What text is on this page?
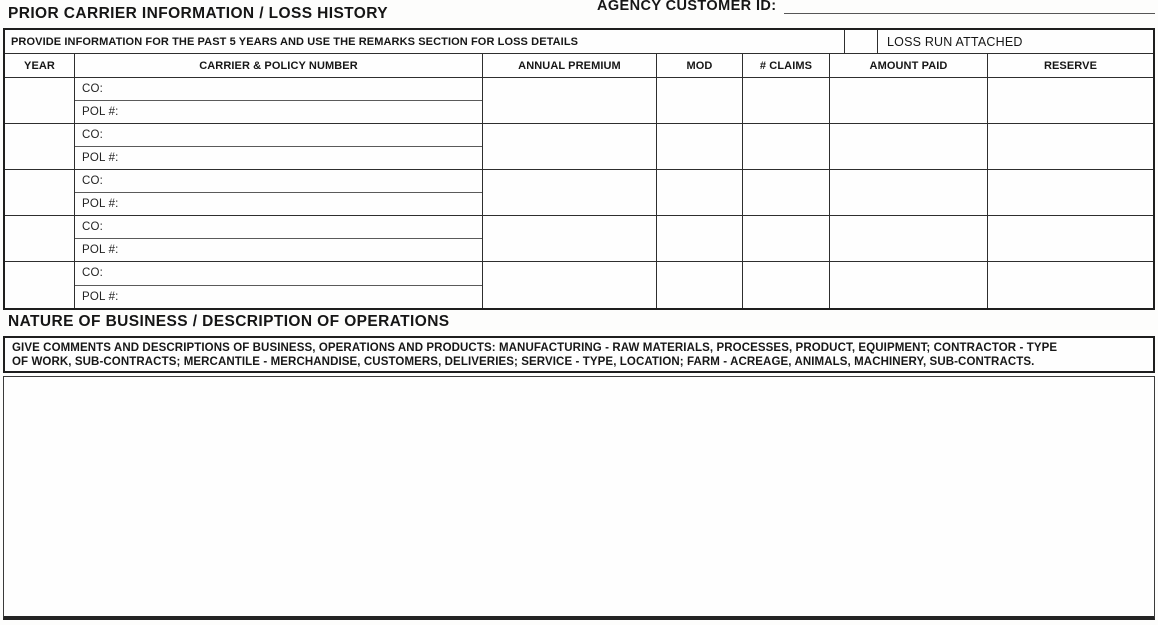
PRIOR CARRIER INFORMATION / LOSS HISTORY	AGENCY CUSTOMER ID:
PROVIDE INFORMATION FOR THE PAST 5 YEARS AND USE THE REMARKS SECTION FOR LOSS DETAILS	LOSS RUN ATTACHED
YEAR	CARRIER & POLICY NUMBER	ANNUAL PREMIUM	MOD	# CLAIMS	AMOUNT PAID	RESERVE
CO:
POL #:
CO:
POL #:
CO:
POL #:
CO:
POL #:
CO:
POL #:
NATURE OF BUSINESS / DESCRIPTION OF OPERATIONS
GIVE COMMENTS AND DESCRIPTIONS OF BUSINESS, OPERATIONS AND PRODUCTS: MANUFACTURING - RAW MATERIALS, PROCESSES, PRODUCT, EQUIPMENT; CONTRACTOR - TYPE
OF WORK, SUB-CONTRACTS; MERCANTILE - MERCHANDISE, CUSTOMERS, DELIVERIES; SERVICE - TYPE, LOCATION; FARM - ACREAGE, ANIMALS, MACHINERY, SUB-CONTRACTS.
